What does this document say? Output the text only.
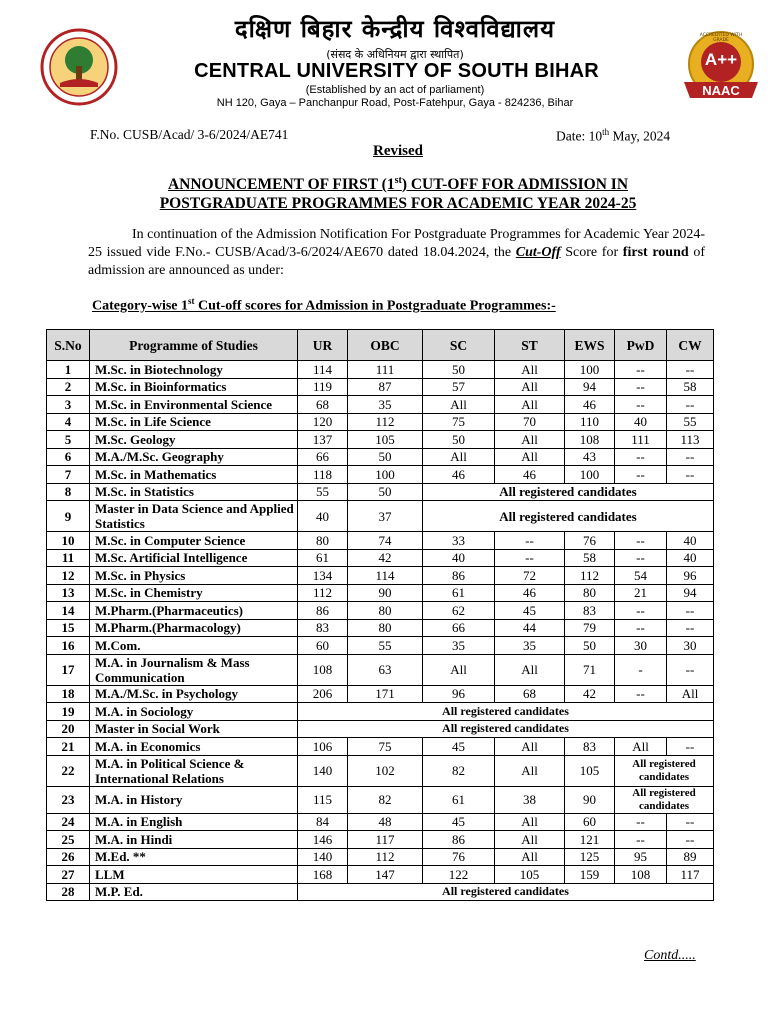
दक्षिण बिहार केन्द्रीय विश्वविद्यालय
(संसद के अधिनियम द्वारा स्थापित)
CENTRAL UNIVERSITY OF SOUTH BIHAR
(Established by an act of parliament)
NH 120, Gaya – Panchanpur Road, Post-Fatehpur, Gaya - 824236, Bihar
ACCREDITED WITH GRADE
A++
NAAC
F.No. CUSB/Acad/ 3-6/2024/AE741	Date: 10th May, 2024
Revised
ANNOUNCEMENT OF FIRST (1st) CUT-OFF FOR ADMISSION IN
POSTGRADUATE PROGRAMMES FOR ACADEMIC YEAR 2024-25
In continuation of the Admission Notification For Postgraduate Programmes for Academic Year 2024-25 issued vide F.No.- CUSB/Acad/3-6/2024/AE670 dated 18.04.2024, the Cut-Off Score for first round of admission are announced as under:
Category-wise 1st Cut-off scores for Admission in Postgraduate Programmes:-
S.No	Programme of Studies	UR	OBC	SC	ST	EWS	PwD	CW
1	M.Sc. in Biotechnology	114	111	50	All	100	--	--
2	M.Sc. in Bioinformatics	119	87	57	All	94	--	58
3	M.Sc. in Environmental Science	68	35	All	All	46	--	--
4	M.Sc. in Life Science	120	112	75	70	110	40	55
5	M.Sc. Geology	137	105	50	All	108	111	113
6	M.A./M.Sc. Geography	66	50	All	All	43	--	--
7	M.Sc. in Mathematics	118	100	46	46	100	--	--
8	M.Sc. in Statistics	55	50	All registered candidates				
9	Master in Data Science and Applied Statistics	40	37	All registered candidates				
10	M.Sc. in Computer Science	80	74	33	--	76	--	40
11	M.Sc. Artificial Intelligence	61	42	40	--	58	--	40
12	M.Sc. in Physics	134	114	86	72	112	54	96
13	M.Sc. in Chemistry	112	90	61	46	80	21	94
14	M.Pharm.(Pharmaceutics)	86	80	62	45	83	--	--
15	M.Pharm.(Pharmacology)	83	80	66	44	79	--	--
16	M.Com.	60	55	35	35	50	30	30
17	M.A. in Journalism & Mass Communication	108	63	All	All	71	-	--
18	M.A./M.Sc. in Psychology	206	171	96	68	42	--	All
19	M.A. in Sociology	All registered candidates						
20	Master in Social Work	All registered candidates						
21	M.A. in Economics	106	75	45	All	83	All	--
22	M.A. in Political Science & International Relations	140	102	82	All	105	All registered candidates	
23	M.A. in History	115	82	61	38	90	All registered candidates	
24	M.A. in English	84	48	45	All	60	--	--
25	M.A. in Hindi	146	117	86	All	121	--	--
26	M.Ed. **	140	112	76	All	125	95	89
27	LLM	168	147	122	105	159	108	117
28	M.P. Ed.	All registered candidates						
Contd.....
